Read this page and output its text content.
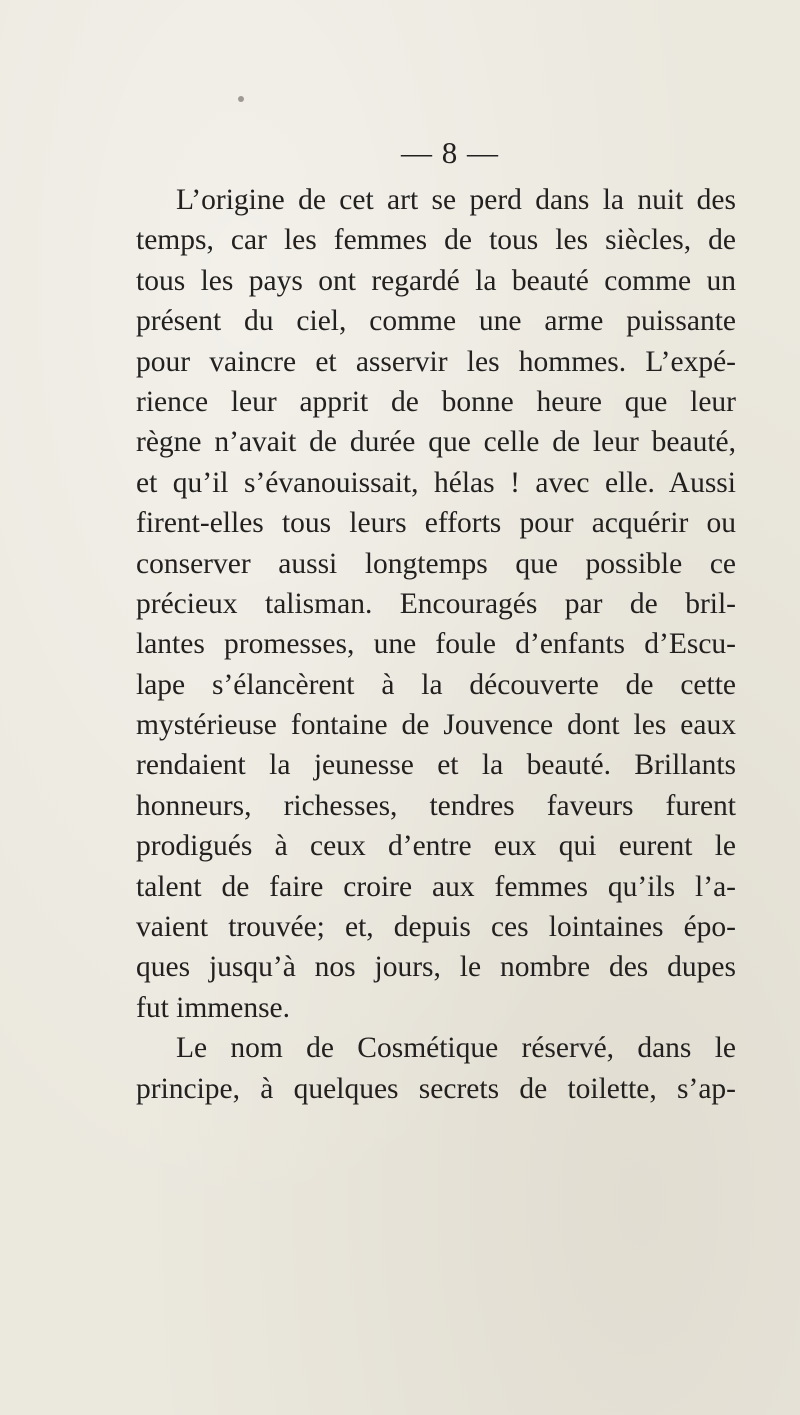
— 8 —
L’origine de cet art se perd dans la nuit des
temps, car les femmes de tous les siècles, de
tous les pays ont regardé la beauté comme un
présent du ciel, comme une arme puissante
pour vaincre et asservir les hommes. L’expé-
rience leur apprit de bonne heure que leur
règne n’avait de durée que celle de leur beauté,
et qu’il s’évanouissait, hélas ! avec elle. Aussi
firent-elles tous leurs efforts pour acquérir ou
conserver aussi longtemps que possible ce
précieux talisman. Encouragés par de bril-
lantes promesses, une foule d’enfants d’Escu-
lape s’élancèrent à la découverte de cette
mystérieuse fontaine de Jouvence dont les eaux
rendaient la jeunesse et la beauté. Brillants
honneurs, richesses, tendres faveurs furent
prodigués à ceux d’entre eux qui eurent le
talent de faire croire aux femmes qu’ils l’a-
vaient trouvée; et, depuis ces lointaines épo-
ques jusqu’à nos jours, le nombre des dupes
fut immense.
Le nom de Cosmétique réservé, dans le
principe, à quelques secrets de toilette, s’ap-
